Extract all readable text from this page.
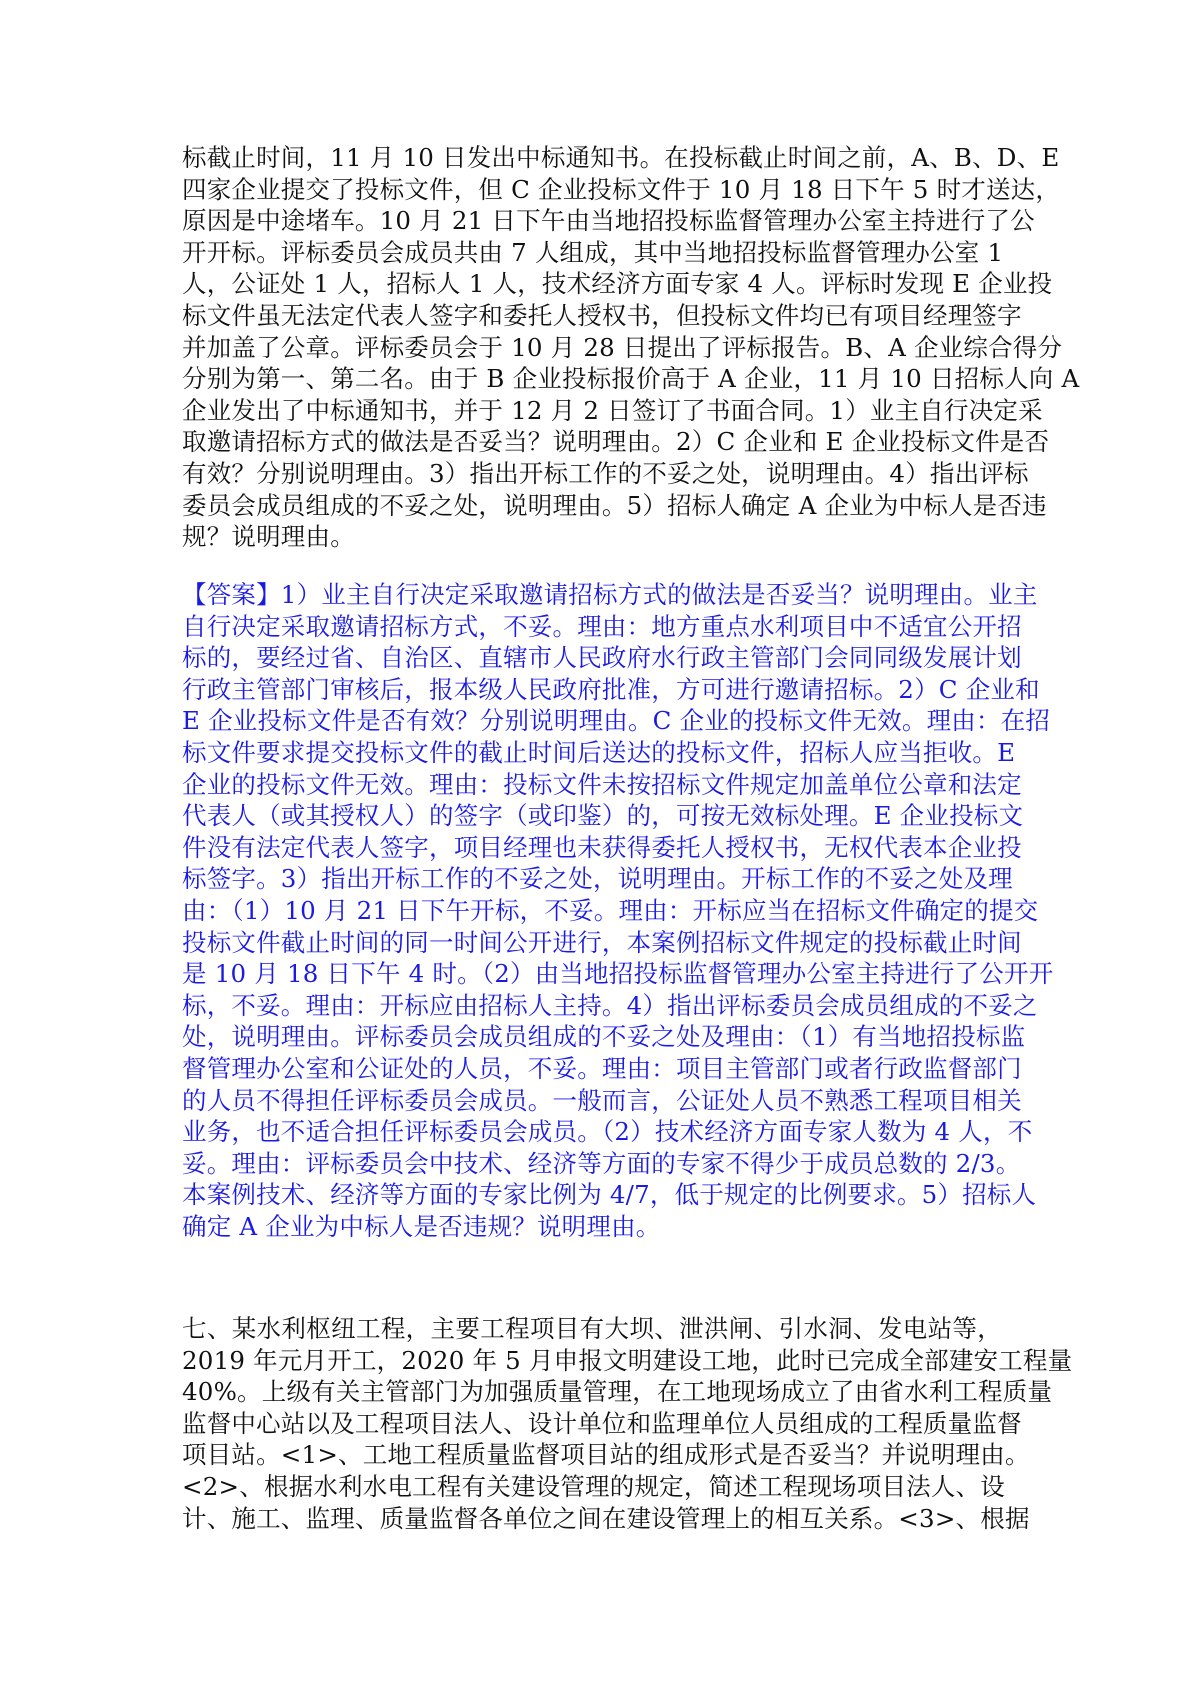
标截止时间，11 月 10 日发出中标通知书。在投标截止时间之前，A、B、D、E
四家企业提交了投标文件，但 C 企业投标文件于 10 月 18 日下午 5 时才送达，
原因是中途堵车。10 月 21 日下午由当地招投标监督管理办公室主持进行了公
开开标。评标委员会成员共由 7 人组成，其中当地招投标监督管理办公室 1
人，公证处 1 人，招标人 1 人，技术经济方面专家 4 人。评标时发现 E 企业投
标文件虽无法定代表人签字和委托人授权书，但投标文件均已有项目经理签字
并加盖了公章。评标委员会于 10 月 28 日提出了评标报告。B、A 企业综合得分
分别为第一、第二名。由于 B 企业投标报价高于 A 企业，11 月 10 日招标人向 A
企业发出了中标通知书，并于 12 月 2 日签订了书面合同。1）业主自行决定采
取邀请招标方式的做法是否妥当？说明理由。2）C 企业和 E 企业投标文件是否
有效？分别说明理由。3）指出开标工作的不妥之处，说明理由。4）指出评标
委员会成员组成的不妥之处，说明理由。5）招标人确定 A 企业为中标人是否违
规？说明理由。
【答案】1）业主自行决定采取邀请招标方式的做法是否妥当？说明理由。业主
自行决定采取邀请招标方式，不妥。理由：地方重点水利项目中不适宜公开招
标的，要经过省、自治区、直辖市人民政府水行政主管部门会同同级发展计划
行政主管部门审核后，报本级人民政府批准，方可进行邀请招标。2）C 企业和
E 企业投标文件是否有效？分别说明理由。C 企业的投标文件无效。理由：在招
标文件要求提交投标文件的截止时间后送达的投标文件，招标人应当拒收。E
企业的投标文件无效。理由：投标文件未按招标文件规定加盖单位公章和法定
代表人（或其授权人）的签字（或印鉴）的，可按无效标处理。E 企业投标文
件没有法定代表人签字，项目经理也未获得委托人授权书，无权代表本企业投
标签字。3）指出开标工作的不妥之处，说明理由。开标工作的不妥之处及理
由：（1）10 月 21 日下午开标，不妥。理由：开标应当在招标文件确定的提交
投标文件截止时间的同一时间公开进行，本案例招标文件规定的投标截止时间
是 10 月 18 日下午 4 时。（2）由当地招投标监督管理办公室主持进行了公开开
标，不妥。理由：开标应由招标人主持。4）指出评标委员会成员组成的不妥之
处，说明理由。评标委员会成员组成的不妥之处及理由：（1）有当地招投标监
督管理办公室和公证处的人员，不妥。理由：项目主管部门或者行政监督部门
的人员不得担任评标委员会成员。一般而言，公证处人员不熟悉工程项目相关
业务，也不适合担任评标委员会成员。（2）技术经济方面专家人数为 4 人，不
妥。理由：评标委员会中技术、经济等方面的专家不得少于成员总数的 2/3。
本案例技术、经济等方面的专家比例为 4/7，低于规定的比例要求。5）招标人
确定 A 企业为中标人是否违规？说明理由。
七、某水利枢纽工程，主要工程项目有大坝、泄洪闸、引水洞、发电站等，
2019 年元月开工，2020 年 5 月申报文明建设工地，此时已完成全部建安工程量
40%。上级有关主管部门为加强质量管理，在工地现场成立了由省水利工程质量
监督中心站以及工程项目法人、设计单位和监理单位人员组成的工程质量监督
项目站。<1>、工地工程质量监督项目站的组成形式是否妥当？并说明理由。
<2>、根据水利水电工程有关建设管理的规定，简述工程现场项目法人、设
计、施工、监理、质量监督各单位之间在建设管理上的相互关系。<3>、根据
